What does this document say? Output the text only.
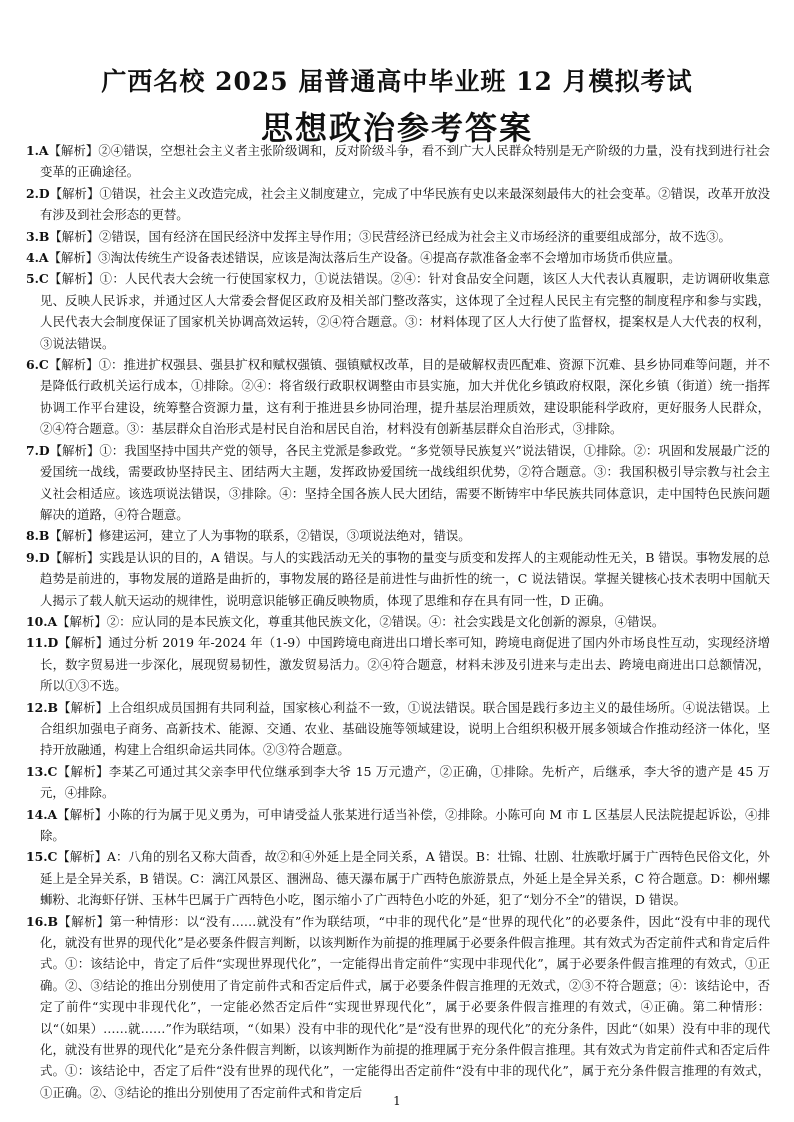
广西名校 2025 届普通高中毕业班 12 月模拟考试
思想政治参考答案

1.A【解析】②④错误，空想社会主义者主张阶级调和，反对阶级斗争，看不到广大人民群众特别是无产阶级的力量，没有找到进行社会变革的正确途径。

2.D【解析】①错误，社会主义改造完成，社会主义制度建立，完成了中华民族有史以来最深刻最伟大的社会变革。②错误，改革开放没有涉及到社会形态的更替。

3.B【解析】②错误，国有经济在国民经济中发挥主导作用；③民营经济已经成为社会主义市场经济的重要组成部分，故不选③。

4.A【解析】③淘汰传统生产设备表述错误，应该是淘汰落后生产设备。④提高存款准备金率不会增加市场货币供应量。

5.C【解析】①：人民代表大会统一行使国家权力，①说法错误。②④：针对食品安全问题，该区人大代表认真履职，走访调研收集意见、反映人民诉求，并通过区人大常委会督促区政府及相关部门整改落实，这体现了全过程人民民主有完整的制度程序和参与实践，人民代表大会制度保证了国家机关协调高效运转，②④符合题意。③：材料体现了区人大行使了监督权，提案权是人大代表的权利，③说法错误。

6.C【解析】①：推进扩权强县、强县扩权和赋权强镇、强镇赋权改革，目的是破解权责匹配难、资源下沉难、县乡协同难等问题，并不是降低行政机关运行成本，①排除。②④：将省级行政职权调整由市县实施，加大并优化乡镇政府权限，深化乡镇（街道）统一指挥协调工作平台建设，统筹整合资源力量，这有利于推进县乡协同治理，提升基层治理质效，建设职能科学政府，更好服务人民群众，②④符合题意。③：基层群众自治形式是村民自治和居民自治，材料没有创新基层群众自治形式，③排除。

7.D【解析】①：我国坚持中国共产党的领导，各民主党派是参政党。“多党领导民族复兴”说法错误，①排除。②：巩固和发展最广泛的爱国统一战线，需要政协坚持民主、团结两大主题，发挥政协爱国统一战线组织优势，②符合题意。③：我国积极引导宗教与社会主义社会相适应。该选项说法错误，③排除。④：坚持全国各族人民大团结，需要不断铸牢中华民族共同体意识，走中国特色民族问题解决的道路，④符合题意。

8.B【解析】修建运河，建立了人为事物的联系，②错误，③项说法绝对，错误。

9.D【解析】实践是认识的目的，A 错误。与人的实践活动无关的事物的量变与质变和发挥人的主观能动性无关，B 错误。事物发展的总趋势是前进的，事物发展的道路是曲折的，事物发展的路径是前进性与曲折性的统一，C 说法错误。掌握关键核心技术表明中国航天人揭示了载人航天运动的规律性，说明意识能够正确反映物质，体现了思维和存在具有同一性，D 正确。

10.A【解析】②：应认同的是本民族文化，尊重其他民族文化，②错误。④：社会实践是文化创新的源泉，④错误。

11.D【解析】通过分析 2019 年-2024 年（1-9）中国跨境电商进出口增长率可知，跨境电商促进了国内外市场良性互动，实现经济增长，数字贸易进一步深化，展现贸易韧性，激发贸易活力。②④符合题意，材料未涉及引进来与走出去、跨境电商进出口总额情况，所以①③不选。

12.B【解析】上合组织成员国拥有共同利益，国家核心利益不一致，①说法错误。联合国是践行多边主义的最佳场所。④说法错误。上合组织加强电子商务、高新技术、能源、交通、农业、基础设施等领域建设，说明上合组织积极开展多领域合作推动经济一体化，坚持开放融通，构建上合组织命运共同体。②③符合题意。

13.C【解析】李某乙可通过其父亲李甲代位继承到李大爷 15 万元遗产，②正确，①排除。先析产，后继承，李大爷的遗产是 45 万元，④排除。

14.A【解析】小陈的行为属于见义勇为，可申请受益人张某进行适当补偿，②排除。小陈可向 M 市 L 区基层人民法院提起诉讼，④排除。

15.C【解析】A：八角的别名又称大茴香，故②和④外延上是全同关系，A 错误。B：壮锦、壮剧、壮族歌圩属于广西特色民俗文化，外延上是全异关系，B 错误。C：漓江风景区、涠洲岛、德天瀑布属于广西特色旅游景点，外延上是全异关系，C 符合题意。D：柳州螺蛳粉、北海虾仔饼、玉林牛巴属于广西特色小吃，图示缩小了广西特色小吃的外延，犯了“划分不全”的错误，D 错误。

16.B【解析】第一种情形：以“没有……就没有”作为联结项，“中非的现代化”是“世界的现代化”的必要条件，因此“没有中非的现代化，就没有世界的现代化”是必要条件假言判断，以该判断作为前提的推理属于必要条件假言推理。其有效式为否定前件式和肯定后件式。①：该结论中，肯定了后件“实现世界现代化”，一定能得出肯定前件“实现中非现代化”，属于必要条件假言推理的有效式，①正确。②、③结论的推出分别使用了肯定前件式和否定后件式，属于必要条件假言推理的无效式，②③不符合题意；④：该结论中，否定了前件“实现中非现代化”，一定能必然否定后件“实现世界现代化”，属于必要条件假言推理的有效式，④正确。第二种情形：以“（如果）……就……”作为联结项，“（如果）没有中非的现代化”是“没有世界的现代化”的充分条件，因此“（如果）没有中非的现代化，就没有世界的现代化”是充分条件假言判断，以该判断作为前提的推理属于充分条件假言推理。其有效式为肯定前件式和否定后件式。①：该结论中，否定了后件“没有世界的现代化”，一定能得出否定前件“没有中非的现代化”，属于充分条件假言推理的有效式，①正确。②、③结论的推出分别使用了否定前件式和肯定后

1
